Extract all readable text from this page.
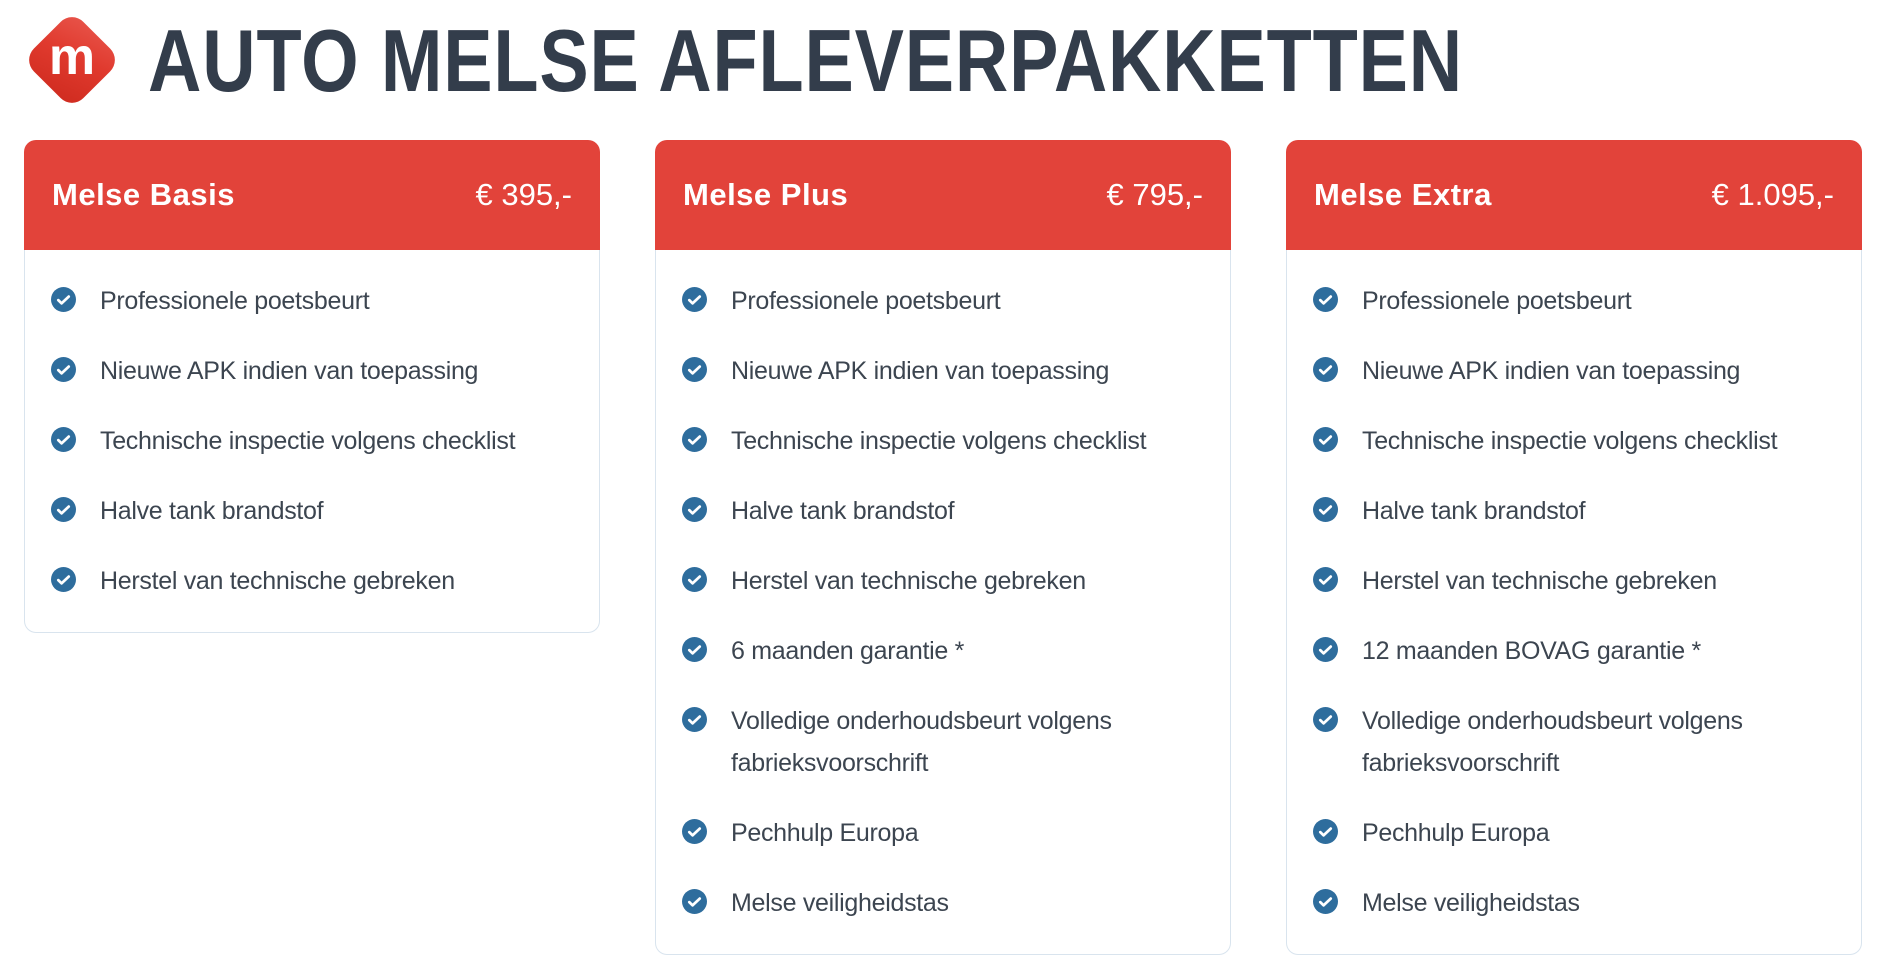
m AUTO MELSE AFLEVERPAKKETTEN
Melse Basis	€ 395,-
Professionele poetsbeurt
Nieuwe APK indien van toepassing
Technische inspectie volgens checklist
Halve tank brandstof
Herstel van technische gebreken
Melse Plus	€ 795,-
Professionele poetsbeurt
Nieuwe APK indien van toepassing
Technische inspectie volgens checklist
Halve tank brandstof
Herstel van technische gebreken
6 maanden garantie *
Volledige onderhoudsbeurt volgens fabrieksvoorschrift
Pechhulp Europa
Melse veiligheidstas
Melse Extra	€ 1.095,-
Professionele poetsbeurt
Nieuwe APK indien van toepassing
Technische inspectie volgens checklist
Halve tank brandstof
Herstel van technische gebreken
12 maanden BOVAG garantie *
Volledige onderhoudsbeurt volgens fabrieksvoorschrift
Pechhulp Europa
Melse veiligheidstas
